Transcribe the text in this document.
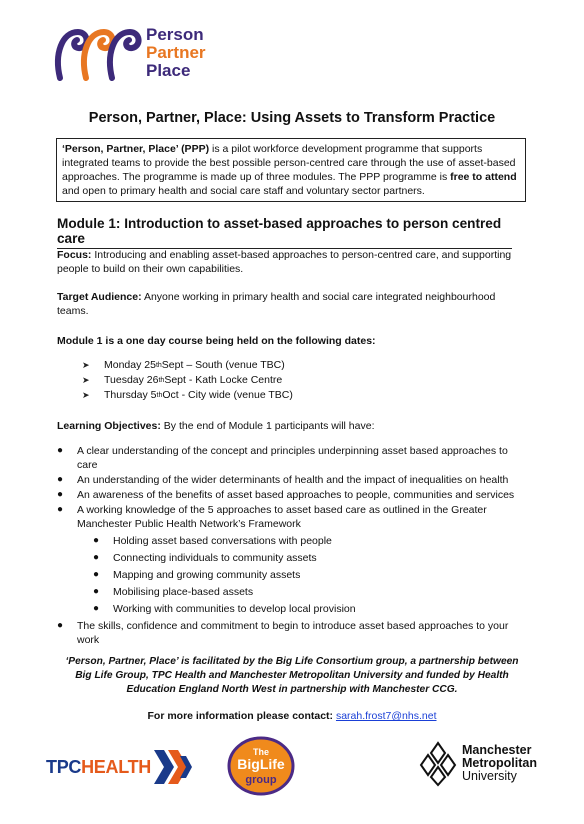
Person
Partner
Place
Person, Partner, Place: Using Assets to Transform Practice
‘Person, Partner, Place’ (PPP) is a pilot workforce development programme that supports integrated teams to provide the best possible person-centred care through the use of asset-based approaches. The programme is made up of three modules. The PPP programme is free to attend and open to primary health and social care staff and voluntary sector partners.
Module 1: Introduction to asset-based approaches to person centred care
Focus: Introducing and enabling asset-based approaches to person-centred care, and supporting people to build on their own capabilities.
Target Audience: Anyone working in primary health and social care integrated neighbourhood teams.
Module 1 is a one day course being held on the following dates:
➤	Monday 25 th Sept – South (venue TBC)
➤	Tuesday 26 th Sept - Kath Locke Centre
➤	Thursday 5 th Oct - City wide (venue TBC)
Learning Objectives: By the end of Module 1 participants will have:
●	A clear understanding of the concept and principles underpinning asset based approaches to care
●	An understanding of the wider determinants of health and the impact of inequalities on health
●	An awareness of the benefits of asset based approaches to people, communities and services
●	A working knowledge of the 5 approaches to asset based care as outlined in the Greater Manchester Public Health Network’s Framework
●	Holding asset based conversations with people
●	Connecting individuals to community assets
●	Mapping and growing community assets
●	Mobilising place-based assets
●	Working with communities to develop local provision
●	The skills, confidence and commitment to begin to introduce asset based approaches to your work
‘Person, Partner, Place’ is facilitated by the Big Life Consortium group, a partnership between Big Life Group, TPC Health and Manchester Metropolitan University and funded by Health Education England North West in partnership with Manchester CCG.
For more information please contact: sarah.frost7@nhs.net
TPCHEALTH
The
BigLife
group
Manchester
Metropolitan
University
